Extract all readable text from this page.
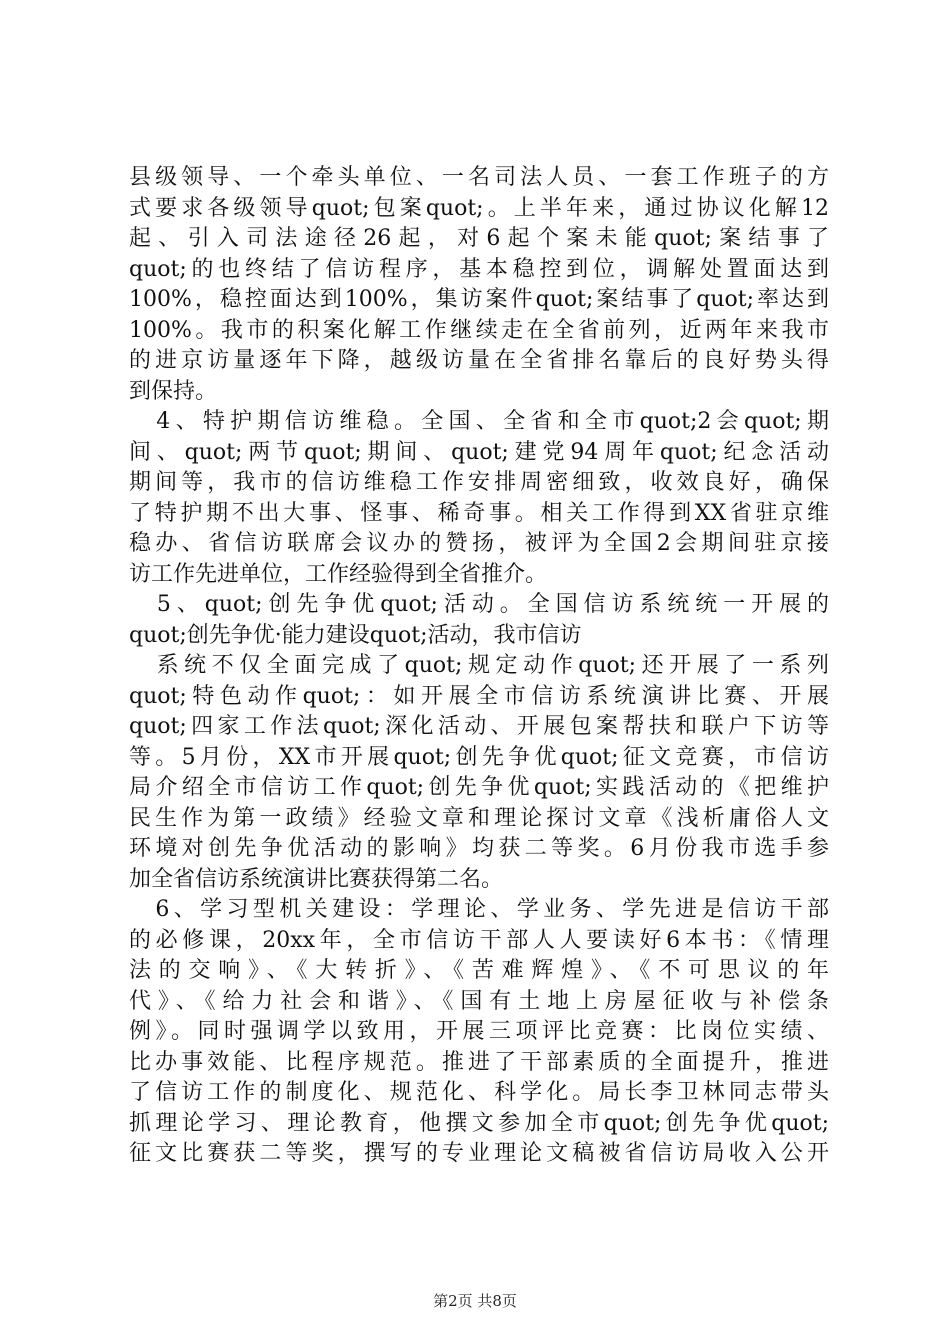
县级领导、一个牵头单位、一名司法人员、一套工作班子的方
式要求各级领导quot;包案quot;。上半年来，通过协议化解12
起、引入司法途径26起，对6起个案未能quot;案结事了
quot;的也终结了信访程序，基本稳控到位，调解处置面达到
100%，稳控面达到100%，集访案件quot;案结事了quot;率达到
100%。我市的积案化解工作继续走在全省前列，近两年来我市
的进京访量逐年下降，越级访量在全省排名靠后的良好势头得
到保持。
　4、特护期信访维稳。全国、全省和全市quot;2会quot;期
间、quot;两节quot;期间、quot;建党94周年quot;纪念活动
期间等，我市的信访维稳工作安排周密细致，收效良好，确保
了特护期不出大事、怪事、稀奇事。相关工作得到XX省驻京维
稳办、省信访联席会议办的赞扬，被评为全国2会期间驻京接
访工作先进单位，工作经验得到全省推介。
　5、quot;创先争优quot;活动。全国信访系统统一开展的
quot;创先争优·能力建设quot;活动，我市信访
　系统不仅全面完成了quot;规定动作quot;还开展了一系列
quot;特色动作quot;：如开展全市信访系统演讲比赛、开展
quot;四家工作法quot;深化活动、开展包案帮扶和联户下访等
等。5月份，XX市开展quot;创先争优quot;征文竞赛，市信访
局介绍全市信访工作quot;创先争优quot;实践活动的《把维护
民生作为第一政绩》经验文章和理论探讨文章《浅析庸俗人文
环境对创先争优活动的影响》均获二等奖。6月份我市选手参
加全省信访系统演讲比赛获得第二名。
　6、学习型机关建设：学理论、学业务、学先进是信访干部
的必修课，20xx年，全市信访干部人人要读好6本书：《情理
法的交响》、《大转折》、《苦难辉煌》、《不可思议的年
代》、《给力社会和谐》、《国有土地上房屋征收与补偿条
例》。同时强调学以致用，开展三项评比竞赛：比岗位实绩、
比办事效能、比程序规范。推进了干部素质的全面提升，推进
了信访工作的制度化、规范化、科学化。局长李卫林同志带头
抓理论学习、理论教育，他撰文参加全市quot;创先争优quot;
征文比赛获二等奖，撰写的专业理论文稿被省信访局收入公开
第2页 共8页
